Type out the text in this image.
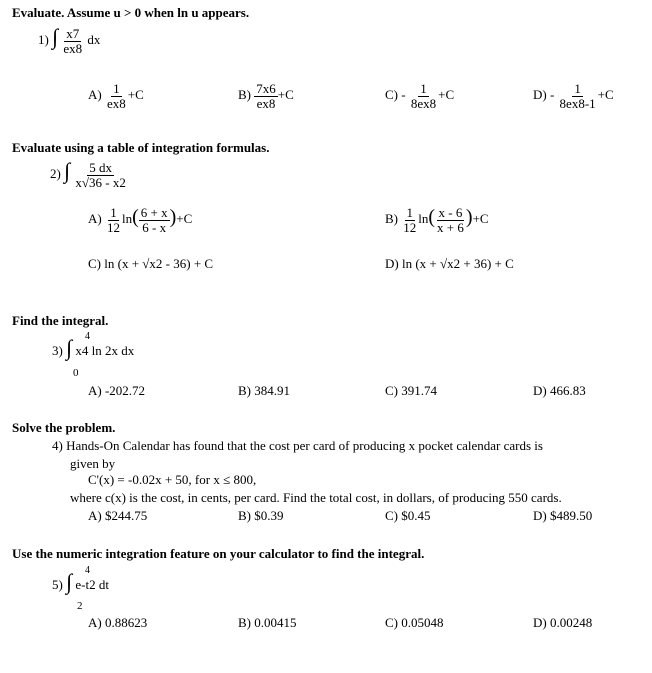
Evaluate. Assume u > 0 when ln u appears.
1) ∫ $\frac{x7}{ex8}$ dx
$A) \frac{1}{ex8} +C$	$B) \frac{7x6}{ex8} +C$	$C) - \frac{1}{8ex8} +C$	$D) - \frac{1}{8ex8-1} +C$
Evaluate using a table of integration formulas.
2) ∫ $\frac{5 dx}{x√36 - x2}$
$A) \frac{1}{12} \ln( \frac{6 + x}{6 - x} )+C$	$B) \frac{1}{12} \ln( \frac{x - 6}{x + 6} )+C$
C) ln (x + √x2 - 36) + C	D) ln (x + √x2 + 36) + C
Find the integral.
3) ∫ x4 ln 2x dx
4
0
A) -202.72	B) 384.91	C) 391.74	D) 466.83
Solve the problem.
4) Hands-On Calendar has found that the cost per card of producing x pocket calendar cards is
given by
C'(x) = -0.02x + 50, for x ≤ 800,
where c(x) is the cost, in cents, per card. Find the total cost, in dollars, of producing 550 cards.
A) $244.75	B) $0.39	C) $0.45	D) $489.50
Use the numeric integration feature on your calculator to find the integral.
5) ∫ e-t2 dt
4
2
A) 0.88623	B) 0.00415	C) 0.05048	D) 0.00248
